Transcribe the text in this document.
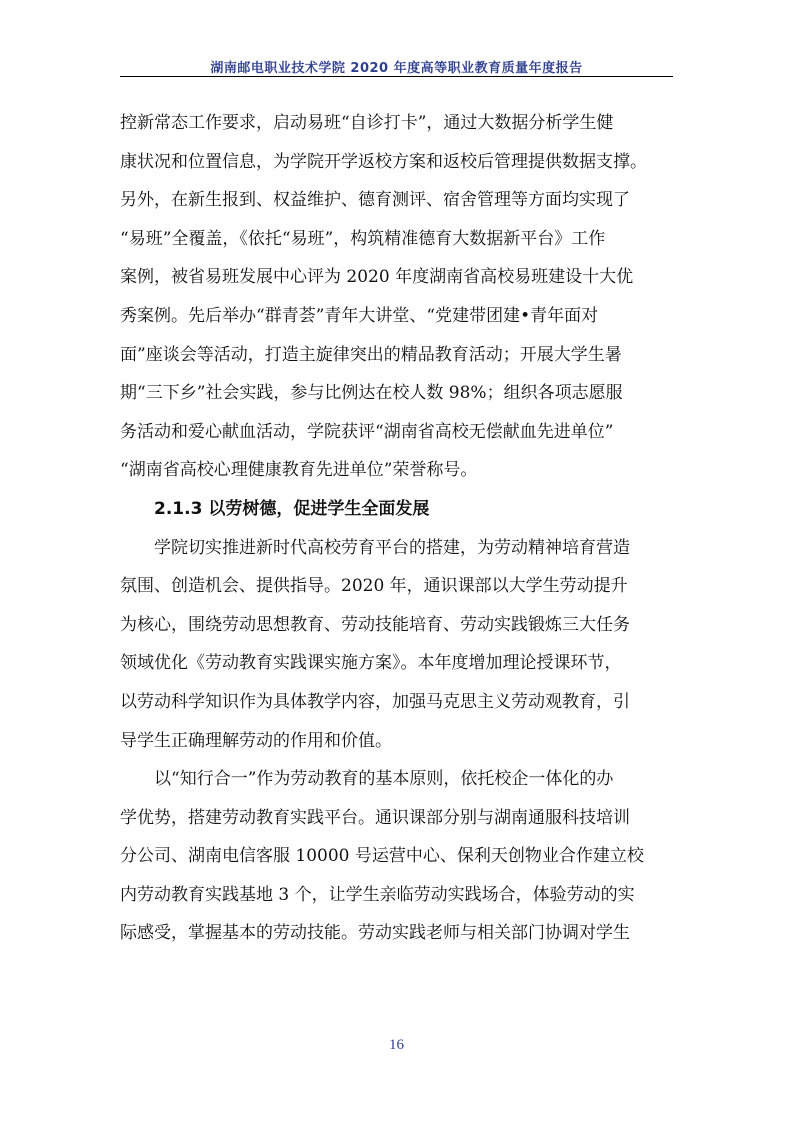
湖南邮电职业技术学院 2020 年度高等职业教育质量年度报告
控新常态工作要求，启动易班“自诊打卡”，通过大数据分析学生健
康状况和位置信息，为学院开学返校方案和返校后管理提供数据支撑。
另外，在新生报到、权益维护、德育测评、宿舍管理等方面均实现了
“易班”全覆盖，《依托“易班”，构筑精准德育大数据新平台》工作
案例，被省易班发展中心评为 2020 年度湖南省高校易班建设十大优
秀案例。先后举办“群青荟”青年大讲堂、“党建带团建•青年面对
面”座谈会等活动，打造主旋律突出的精品教育活动；开展大学生暑
期“三下乡”社会实践，参与比例达在校人数 98%；组织各项志愿服
务活动和爱心献血活动，学院获评“湖南省高校无偿献血先进单位”
“湖南省高校心理健康教育先进单位”荣誉称号。
2.1.3 以劳树德，促进学生全面发展
学院切实推进新时代高校劳育平台的搭建，为劳动精神培育营造
氛围、创造机会、提供指导。2020 年，通识课部以大学生劳动提升
为核心，围绕劳动思想教育、劳动技能培育、劳动实践锻炼三大任务
领域优化《劳动教育实践课实施方案》。本年度增加理论授课环节，
以劳动科学知识作为具体教学内容，加强马克思主义劳动观教育，引
导学生正确理解劳动的作用和价值。
以“知行合一”作为劳动教育的基本原则，依托校企一体化的办
学优势，搭建劳动教育实践平台。通识课部分别与湖南通服科技培训
分公司、湖南电信客服 10000 号运营中心、保利天创物业合作建立校
内劳动教育实践基地 3 个，让学生亲临劳动实践场合，体验劳动的实
际感受，掌握基本的劳动技能。劳动实践老师与相关部门协调对学生
16
